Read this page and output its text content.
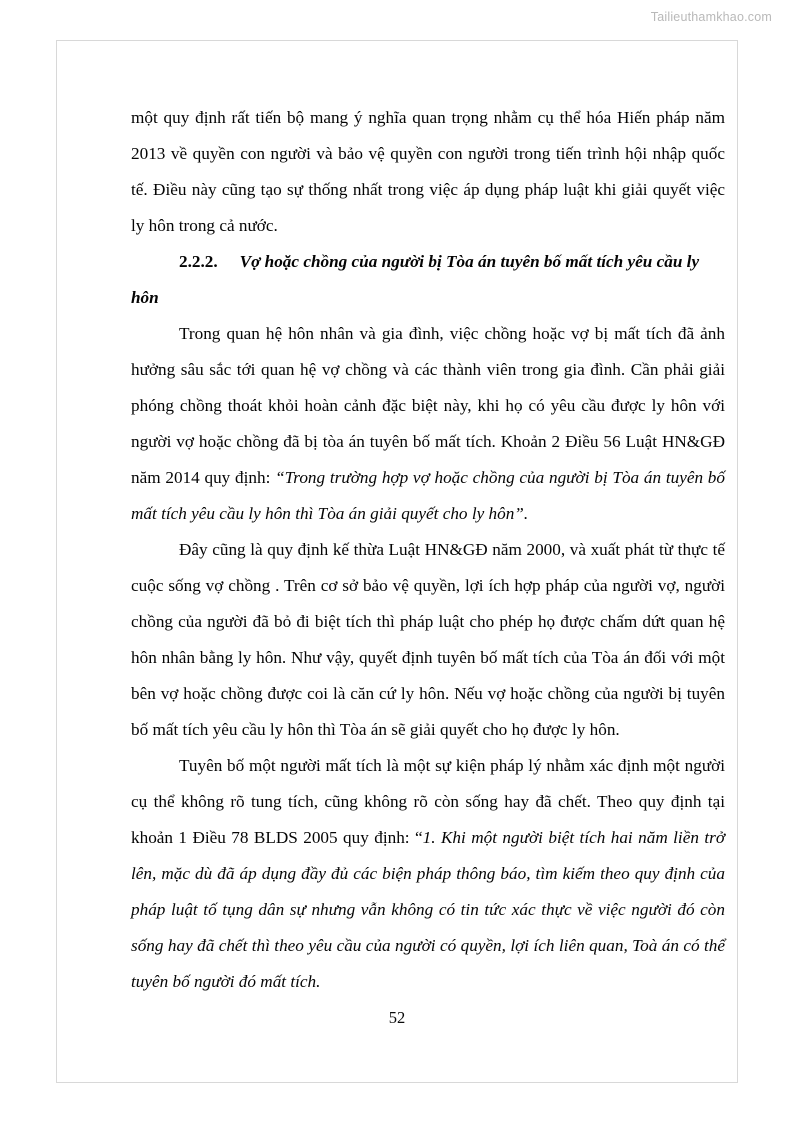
Tailieuthamkhao.com

một quy định rất tiến bộ mang ý nghĩa quan trọng nhằm cụ thể hóa Hiến pháp năm 2013 về quyền con người và bảo vệ quyền con người trong tiến trình hội nhập quốc tế. Điều này cũng tạo sự thống nhất trong việc áp dụng pháp luật khi giải quyết việc ly hôn trong cả nước.

2.2.2. Vợ hoặc chồng của người bị Tòa án tuyên bố mất tích yêu cầu ly hôn

Trong quan hệ hôn nhân và gia đình, việc chồng hoặc vợ bị mất tích đã ảnh hưởng sâu sắc tới quan hệ vợ chồng và các thành viên trong gia đình. Cần phải giải phóng chồng thoát khỏi hoàn cảnh đặc biệt này, khi họ có yêu cầu được ly hôn với người vợ hoặc chồng đã bị tòa án tuyên bố mất tích. Khoản 2 Điều 56 Luật HN&GĐ năm 2014 quy định: “Trong trường hợp vợ hoặc chồng của người bị Tòa án tuyên bố mất tích yêu cầu ly hôn thì Tòa án giải quyết cho ly hôn”.

Đây cũng là quy định kế thừa Luật HN&GĐ năm 2000, và xuất phát từ thực tế cuộc sống vợ chồng . Trên cơ sở bảo vệ quyền, lợi ích hợp pháp của người vợ, người chồng của người đã bỏ đi biệt tích thì pháp luật cho phép họ được chấm dứt quan hệ hôn nhân bằng ly hôn. Như vậy, quyết định tuyên bố mất tích của Tòa án đối với một bên vợ hoặc chồng được coi là căn cứ ly hôn. Nếu vợ hoặc chồng của người bị tuyên bố mất tích yêu cầu ly hôn thì Tòa án sẽ giải quyết cho họ được ly hôn.

Tuyên bố một người mất tích là một sự kiện pháp lý nhằm xác định một người cụ thể không rõ tung tích, cũng không rõ còn sống hay đã chết. Theo quy định tại khoản 1 Điều 78 BLDS 2005 quy định: “1. Khi một người biệt tích hai năm liền trở lên, mặc dù đã áp dụng đầy đủ các biện pháp thông báo, tìm kiếm theo quy định của pháp luật tố tụng dân sự nhưng vẫn không có tin tức xác thực về việc người đó còn sống hay đã chết thì theo yêu cầu của người có quyền, lợi ích liên quan, Toà án có thể tuyên bố người đó mất tích.

52
